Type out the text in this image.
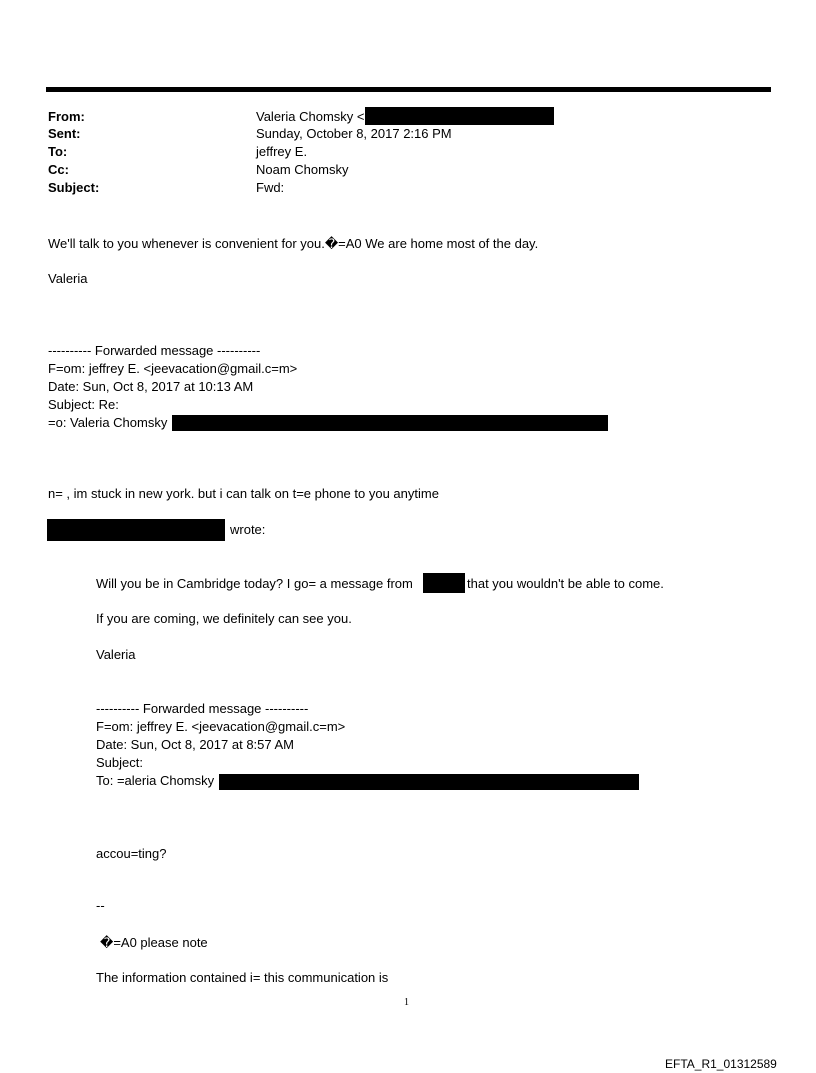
From:	Valeria Chomsky <
Sent:	Sunday, October 8, 2017 2:16 PM
To:	jeffrey E.
Cc:	Noam Chomsky
Subject:	Fwd:
We'll talk to you whenever is convenient for you.�=A0 We are home most of the day.
Valeria
---------- Forwarded message ----------
F=om: jeffrey E. <jeevacation@gmail.c=m>
Date: Sun, Oct 8, 2017 at 10:13 AM
Subject: Re:
=o: Valeria Chomsky
n= , im stuck in new york. but i can talk on t=e phone to you anytime
wrote:
Will you be in Cambridge today? I go= a message from	that you wouldn't be able to come.
If you are coming, we definitely can see you.
Valeria
---------- Forwarded message ----------
F=om: jeffrey E. <jeevacation@gmail.c=m>
Date: Sun, Oct 8, 2017 at 8:57 AM
Subject:
To: =aleria Chomsky
accou=ting?
--
�=A0 please note
The information contained i= this communication is
1
EFTA_R1_01312589
